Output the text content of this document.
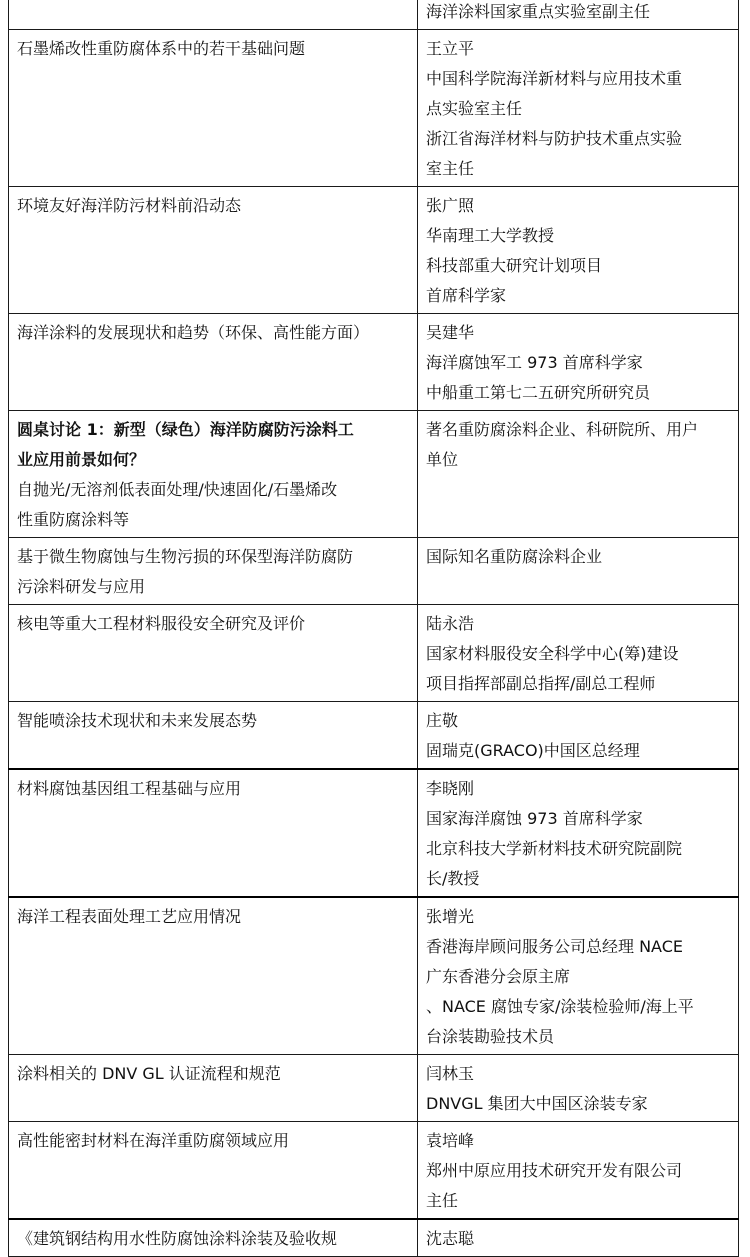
	海洋涂料国家重点实验室副主任

石墨烯改性重防腐体系中的若干基础问题	王立平
中国科学院海洋新材料与应用技术重
点实验室主任
浙江省海洋材料与防护技术重点实验
室主任

环境友好海洋防污材料前沿动态	张广照
华南理工大学教授
科技部重大研究计划项目
首席科学家

海洋涂料的发展现状和趋势（环保、高性能方面）	吴建华
海洋腐蚀军工 973 首席科学家
中船重工第七二五研究所研究员

圆桌讨论 1：新型（绿色）海洋防腐防污涂料工
业应用前景如何？
自抛光/无溶剂低表面处理/快速固化/石墨烯改
性重防腐涂料等	著名重防腐涂料企业、科研院所、用户
单位

基于微生物腐蚀与生物污损的环保型海洋防腐防
污涂料研发与应用	国际知名重防腐涂料企业

核电等重大工程材料服役安全研究及评价	陆永浩
国家材料服役安全科学中心(筹)建设
项目指挥部副总指挥/副总工程师

智能喷涂技术现状和未来发展态势	庄敬
固瑞克(GRACO)中国区总经理

材料腐蚀基因组工程基础与应用	李晓刚
国家海洋腐蚀 973 首席科学家
北京科技大学新材料技术研究院副院
长/教授

海洋工程表面处理工艺应用情况	张增光
香港海岸顾问服务公司总经理 NACE
广东香港分会原主席
、NACE 腐蚀专家/涂装检验师/海上平
台涂装勘验技术员

涂料相关的 DNV GL 认证流程和规范	闫林玉
DNVGL 集团大中国区涂装专家

高性能密封材料在海洋重防腐领域应用	袁培峰
郑州中原应用技术研究开发有限公司
主任

《建筑钢结构用水性防腐蚀涂料涂装及验收规	沈志聪
